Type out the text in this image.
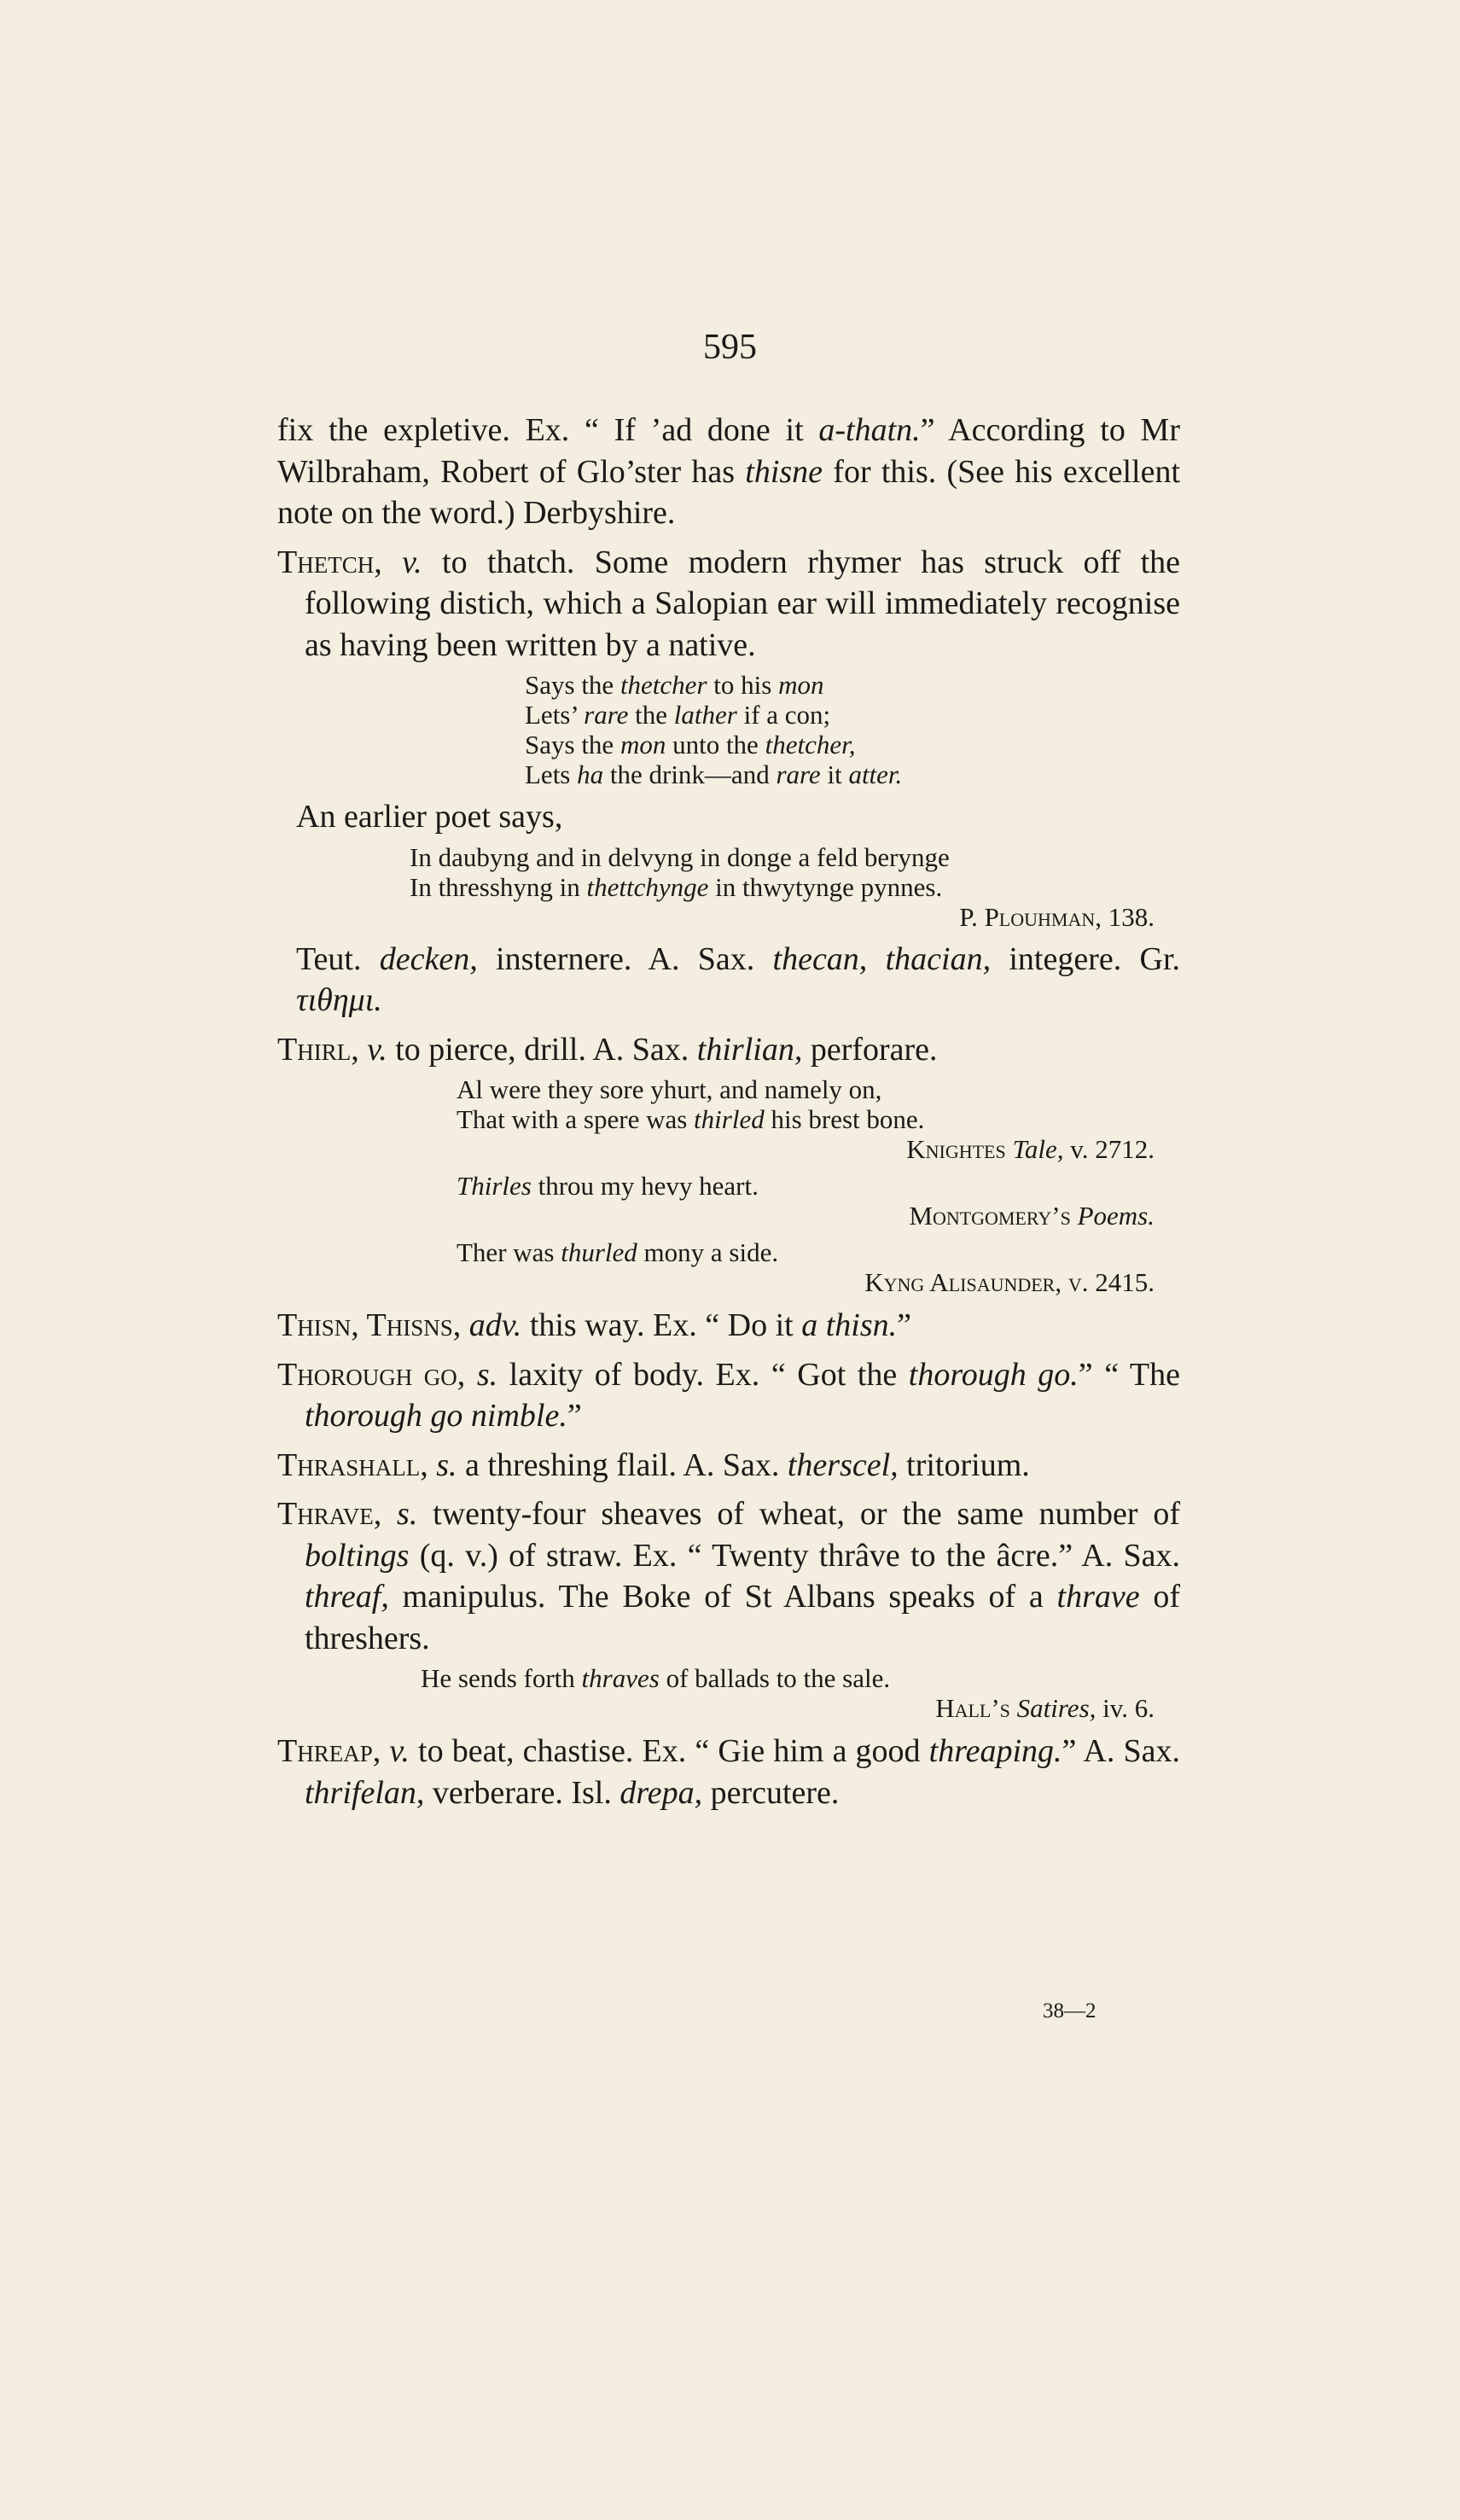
595

fix the expletive. Ex. “ If ’ad done it a-thatn.” According to Mr Wilbraham, Robert of Glo’ster has thisne for this. (See his excellent note on the word.) Derbyshire.

Thetch, v. to thatch. Some modern rhymer has struck off the following distich, which a Salopian ear will immediately recognise as having been written by a native.

Says the thetcher to his mon
Lets’ rare the lather if a con;
Says the mon unto the thetcher,
Lets ha the drink—and rare it atter.

An earlier poet says,

In daubyng and in delvyng in donge a feld berynge
In thresshyng in thettchynge in thwytynge pynnes.
P. Plouhman, 138.

Teut. decken, insternere. A. Sax. thecan, thacian, integere. Gr. τιθημι.

Thirl, v. to pierce, drill. A. Sax. thirlian, perforare.

Al were they sore yhurt, and namely on,
That with a spere was thirled his brest bone.
Knightes Tale, v. 2712.
Thirles throu my hevy heart.
Montgomery’s Poems.
Ther was thurled mony a side.
Kyng Alisaunder, v. 2415.

Thisn, Thisns, adv. this way. Ex. “ Do it a thisn.”

Thorough go, s. laxity of body. Ex. “ Got the thorough go.” “ The thorough go nimble.”

Thrashall, s. a threshing flail. A. Sax. therscel, tritorium.

Thrave, s. twenty-four sheaves of wheat, or the same number of boltings (q. v.) of straw. Ex. “ Twenty thrâve to the âcre.” A. Sax. threaf, manipulus. The Boke of St Albans speaks of a thrave of threshers.

He sends forth thraves of ballads to the sale.
Hall’s Satires, iv. 6.

Threap, v. to beat, chastise. Ex. “ Gie him a good threaping.” A. Sax. thrifelan, verberare. Isl. drepa, percutere.

38—2
